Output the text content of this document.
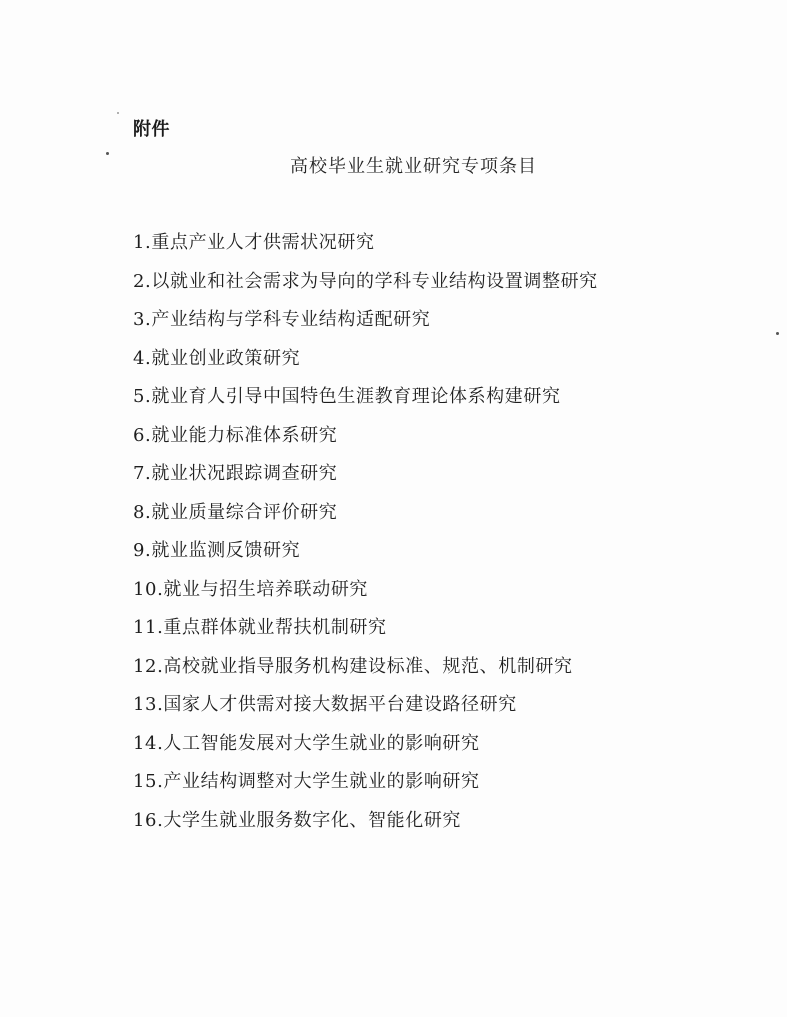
附件
高校毕业生就业研究专项条目
1.重点产业人才供需状况研究
2.以就业和社会需求为导向的学科专业结构设置调整研究
3.产业结构与学科专业结构适配研究
4.就业创业政策研究
5.就业育人引导中国特色生涯教育理论体系构建研究
6.就业能力标准体系研究
7.就业状况跟踪调查研究
8.就业质量综合评价研究
9.就业监测反馈研究
10.就业与招生培养联动研究
11.重点群体就业帮扶机制研究
12.高校就业指导服务机构建设标准、规范、机制研究
13.国家人才供需对接大数据平台建设路径研究
14.人工智能发展对大学生就业的影响研究
15.产业结构调整对大学生就业的影响研究
16.大学生就业服务数字化、智能化研究
